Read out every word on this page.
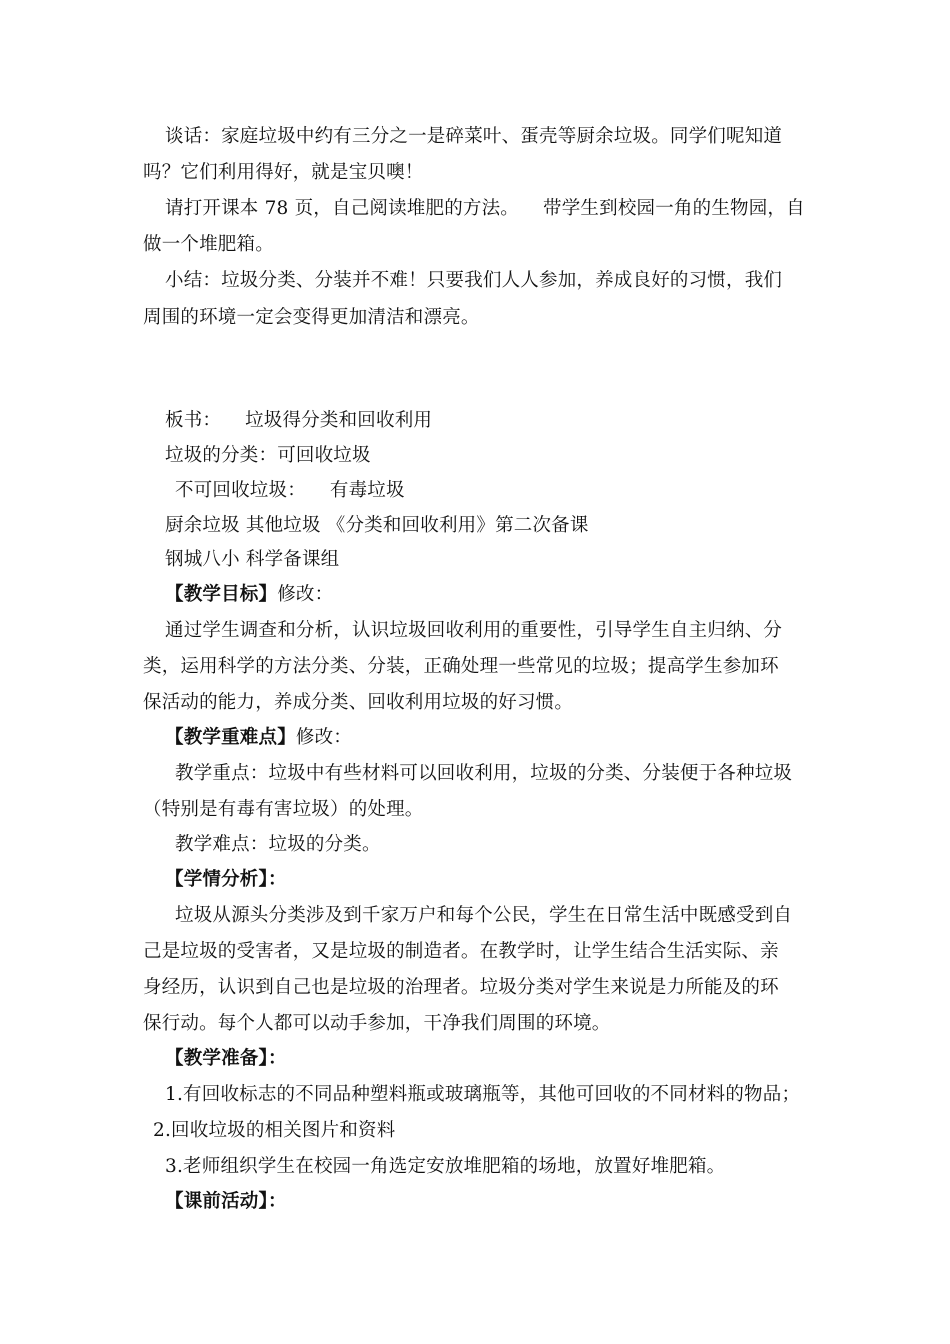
谈话：家庭垃圾中约有三分之一是碎菜叶、蛋壳等厨余垃圾。同学们呢知道
吗？它们利用得好，就是宝贝噢！
请打开课本 78 页，自己阅读堆肥的方法。 带学生到校园一角的生物园，自
做一个堆肥箱。
小结：垃圾分类、分装并不难！只要我们人人参加，养成良好的习惯，我们
周围的环境一定会变得更加清洁和漂亮。
板书： 垃圾得分类和回收利用
垃圾的分类：可回收垃圾
不可回收垃圾： 有毒垃圾
厨余垃圾 其他垃圾 《分类和回收利用》第二次备课
钢城八小 科学备课组
【教学目标】修改：
通过学生调查和分析，认识垃圾回收利用的重要性，引导学生自主归纳、分
类，运用科学的方法分类、分装，正确处理一些常见的垃圾；提高学生参加环
保活动的能力，养成分类、回收利用垃圾的好习惯。
【教学重难点】修改：
教学重点：垃圾中有些材料可以回收利用，垃圾的分类、分装便于各种垃圾
（特别是有毒有害垃圾）的处理。
教学难点：垃圾的分类。
【学情分析】：
垃圾从源头分类涉及到千家万户和每个公民，学生在日常生活中既感受到自
己是垃圾的受害者，又是垃圾的制造者。在教学时，让学生结合生活实际、亲
身经历，认识到自己也是垃圾的治理者。垃圾分类对学生来说是力所能及的环
保行动。每个人都可以动手参加，干净我们周围的环境。
【教学准备】：
1.有回收标志的不同品种塑料瓶或玻璃瓶等，其他可回收的不同材料的物品；
2.回收垃圾的相关图片和资料
3.老师组织学生在校园一角选定安放堆肥箱的场地，放置好堆肥箱。
【课前活动】：
